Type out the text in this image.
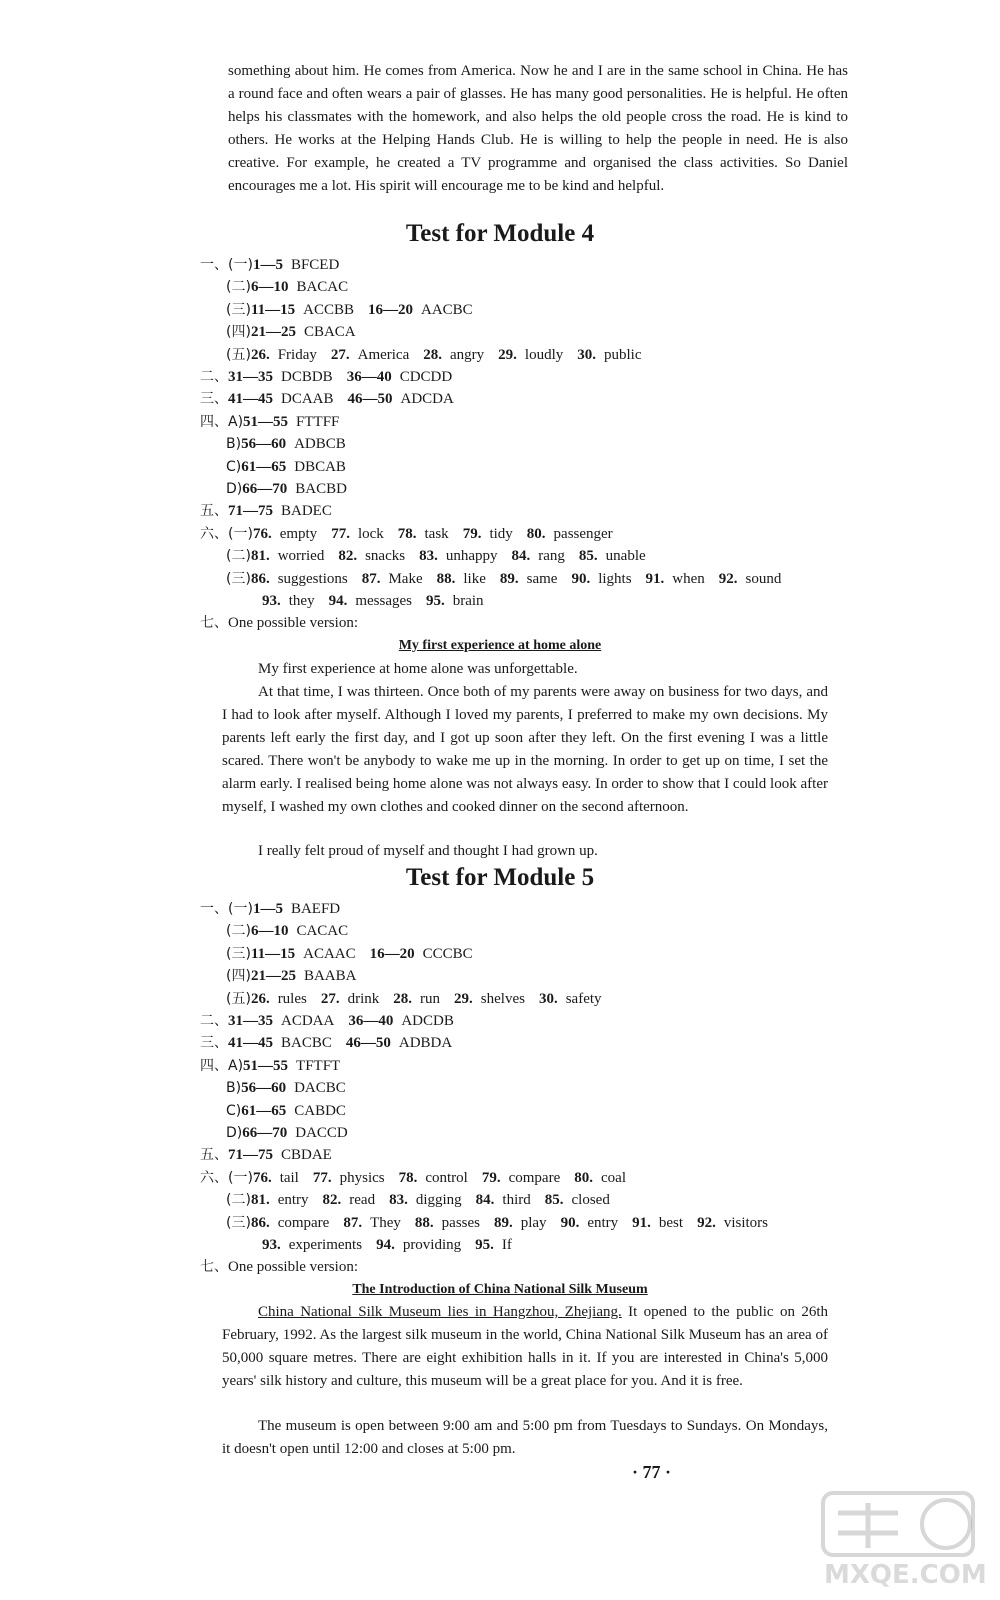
something about him. He comes from America. Now he and I are in the same school in China. He has a round face and often wears a pair of glasses. He has many good personalities. He is helpful. He often helps his classmates with the homework, and also helps the old people cross the road. He is kind to others. He works at the Helping Hands Club. He is willing to help the people in need. He is also creative. For example, he created a TV programme and organised the class activities. So Daniel encourages me a lot. His spirit will encourage me to be kind and helpful.
Test for Module 4
一、(一)1—5 BFCED
(二)6—10 BACAC
(三)11—15 ACCBB 16—20 AACBC
(四)21—25 CBACA
(五)26. Friday 27. America 28. angry 29. loudly 30. public
二、31—35 DCBDB 36—40 CDCDD
三、41—45 DCAAB 46—50 ADCDA
四、A)51—55 FTTFF
B)56—60 ADBCB
C)61—65 DBCAB
D)66—70 BACBD
五、71—75 BADEC
六、(一)76. empty 77. lock 78. task 79. tidy 80. passenger
(二)81. worried 82. snacks 83. unhappy 84. rang 85. unable
(三)86. suggestions 87. Make 88. like 89. same 90. lights 91. when 92. sound
93. they 94. messages 95. brain
七、One possible version:
My first experience at home alone
My first experience at home alone was unforgettable.
At that time, I was thirteen. Once both of my parents were away on business for two days, and I had to look after myself. Although I loved my parents, I preferred to make my own decisions. My parents left early the first day, and I got up soon after they left. On the first evening I was a little scared. There won't be anybody to wake me up in the morning. In order to get up on time, I set the alarm early. I realised being home alone was not always easy. In order to show that I could look after myself, I washed my own clothes and cooked dinner on the second afternoon.
I really felt proud of myself and thought I had grown up.
Test for Module 5
一、(一)1—5 BAEFD
(二)6—10 CACAC
(三)11—15 ACAAC 16—20 CCCBC
(四)21—25 BAABA
(五)26. rules 27. drink 28. run 29. shelves 30. safety
二、31—35 ACDAA 36—40 ADCDB
三、41—45 BACBC 46—50 ADBDA
四、A)51—55 TFTFT
B)56—60 DACBC
C)61—65 CABDC
D)66—70 DACCD
五、71—75 CBDAE
六、(一)76. tail 77. physics 78. control 79. compare 80. coal
(二)81. entry 82. read 83. digging 84. third 85. closed
(三)86. compare 87. They 88. passes 89. play 90. entry 91. best 92. visitors
93. experiments 94. providing 95. If
七、One possible version:
The Introduction of China National Silk Museum
China National Silk Museum lies in Hangzhou, Zhejiang. It opened to the public on 26th February, 1992. As the largest silk museum in the world, China National Silk Museum has an area of 50,000 square metres. There are eight exhibition halls in it. If you are interested in China's 5,000 years' silk history and culture, this museum will be a great place for you. And it is free.
The museum is open between 9:00 am and 5:00 pm from Tuesdays to Sundays. On Mondays, it doesn't open until 12:00 and closes at 5:00 pm.
· 77 ·
MXQE.COM
